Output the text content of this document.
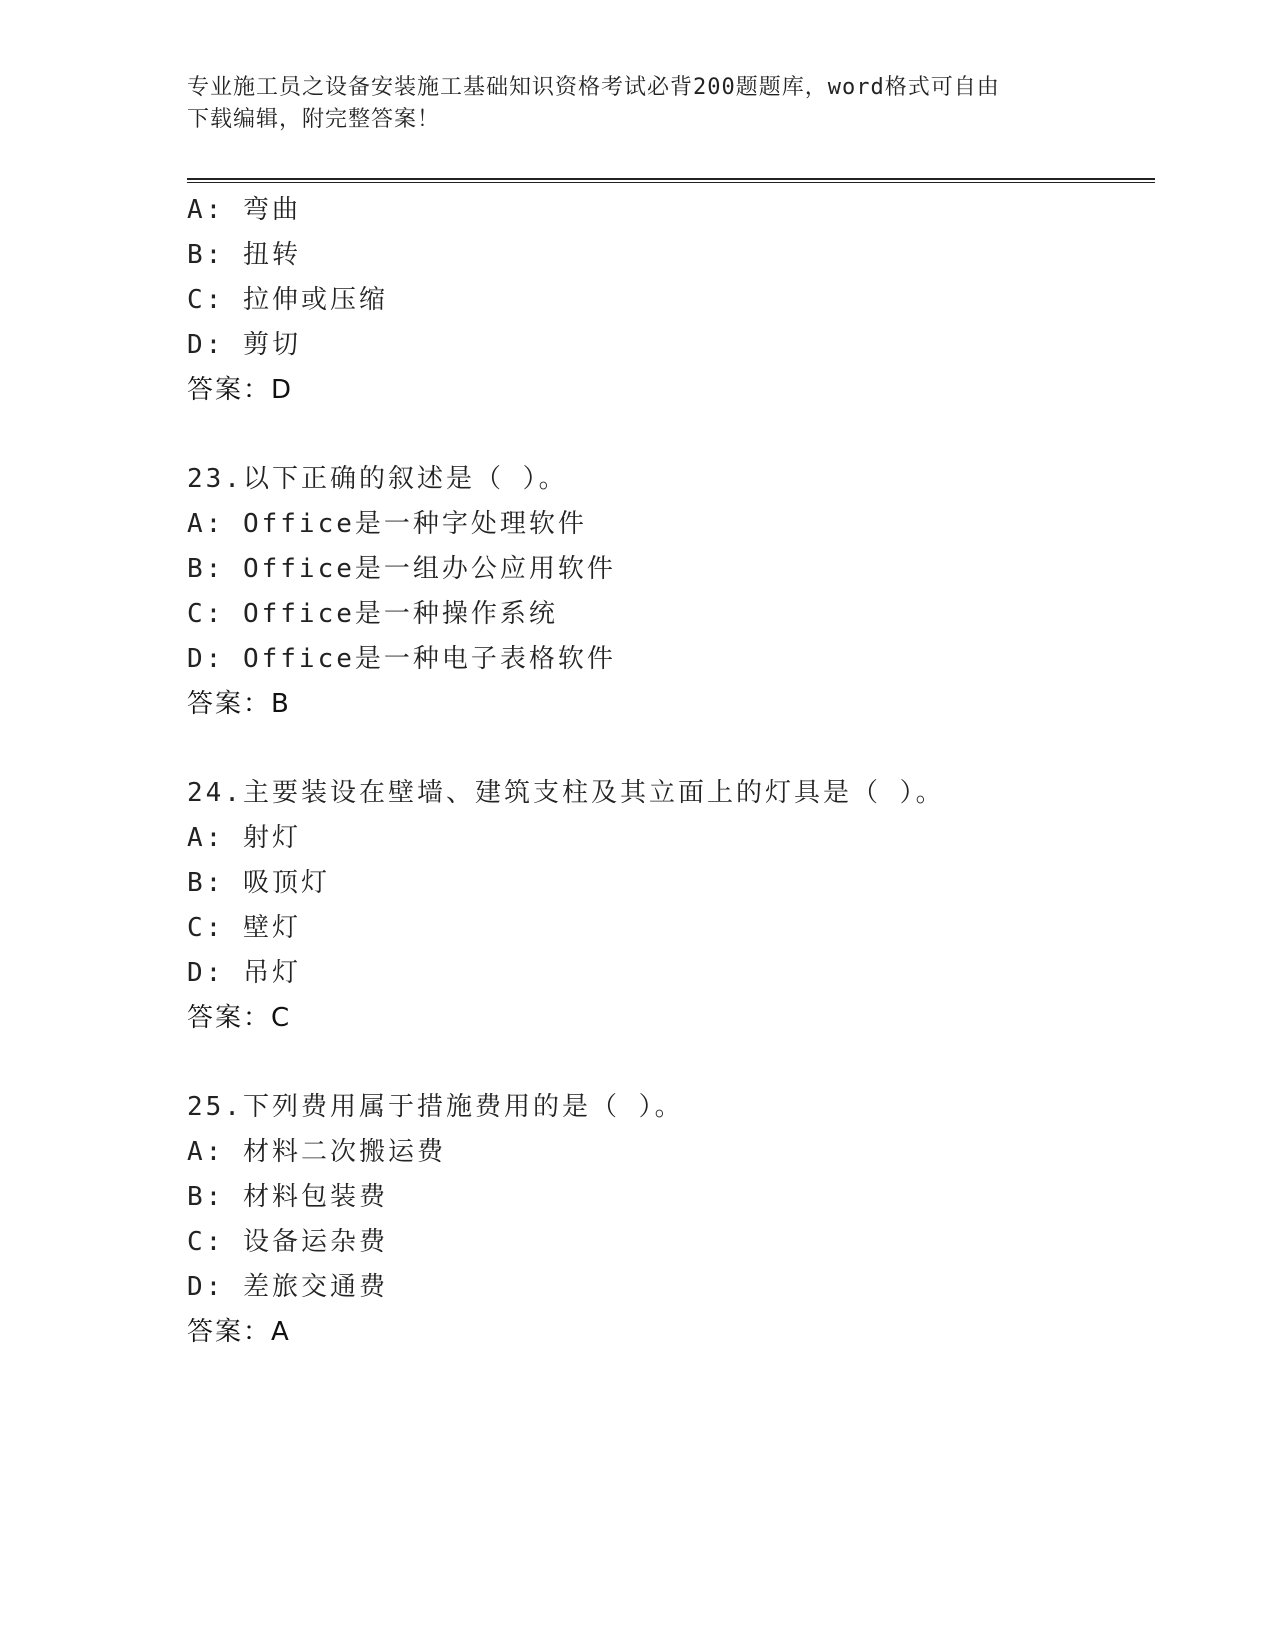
专业施工员之设备安装施工基础知识资格考试必背200题题库，word格式可自由
下载编辑，附完整答案！
A: 弯曲
B: 扭转
C: 拉伸或压缩
D: 剪切
答案：D
23.以下正确的叙述是（ ）。
A: Office是一种字处理软件
B: Office是一组办公应用软件
C: Office是一种操作系统
D: Office是一种电子表格软件
答案：B
24.主要装设在壁墙、建筑支柱及其立面上的灯具是（ ）。
A: 射灯
B: 吸顶灯
C: 壁灯
D: 吊灯
答案：C
25.下列费用属于措施费用的是（ ）。
A: 材料二次搬运费
B: 材料包装费
C: 设备运杂费
D: 差旅交通费
答案：A
